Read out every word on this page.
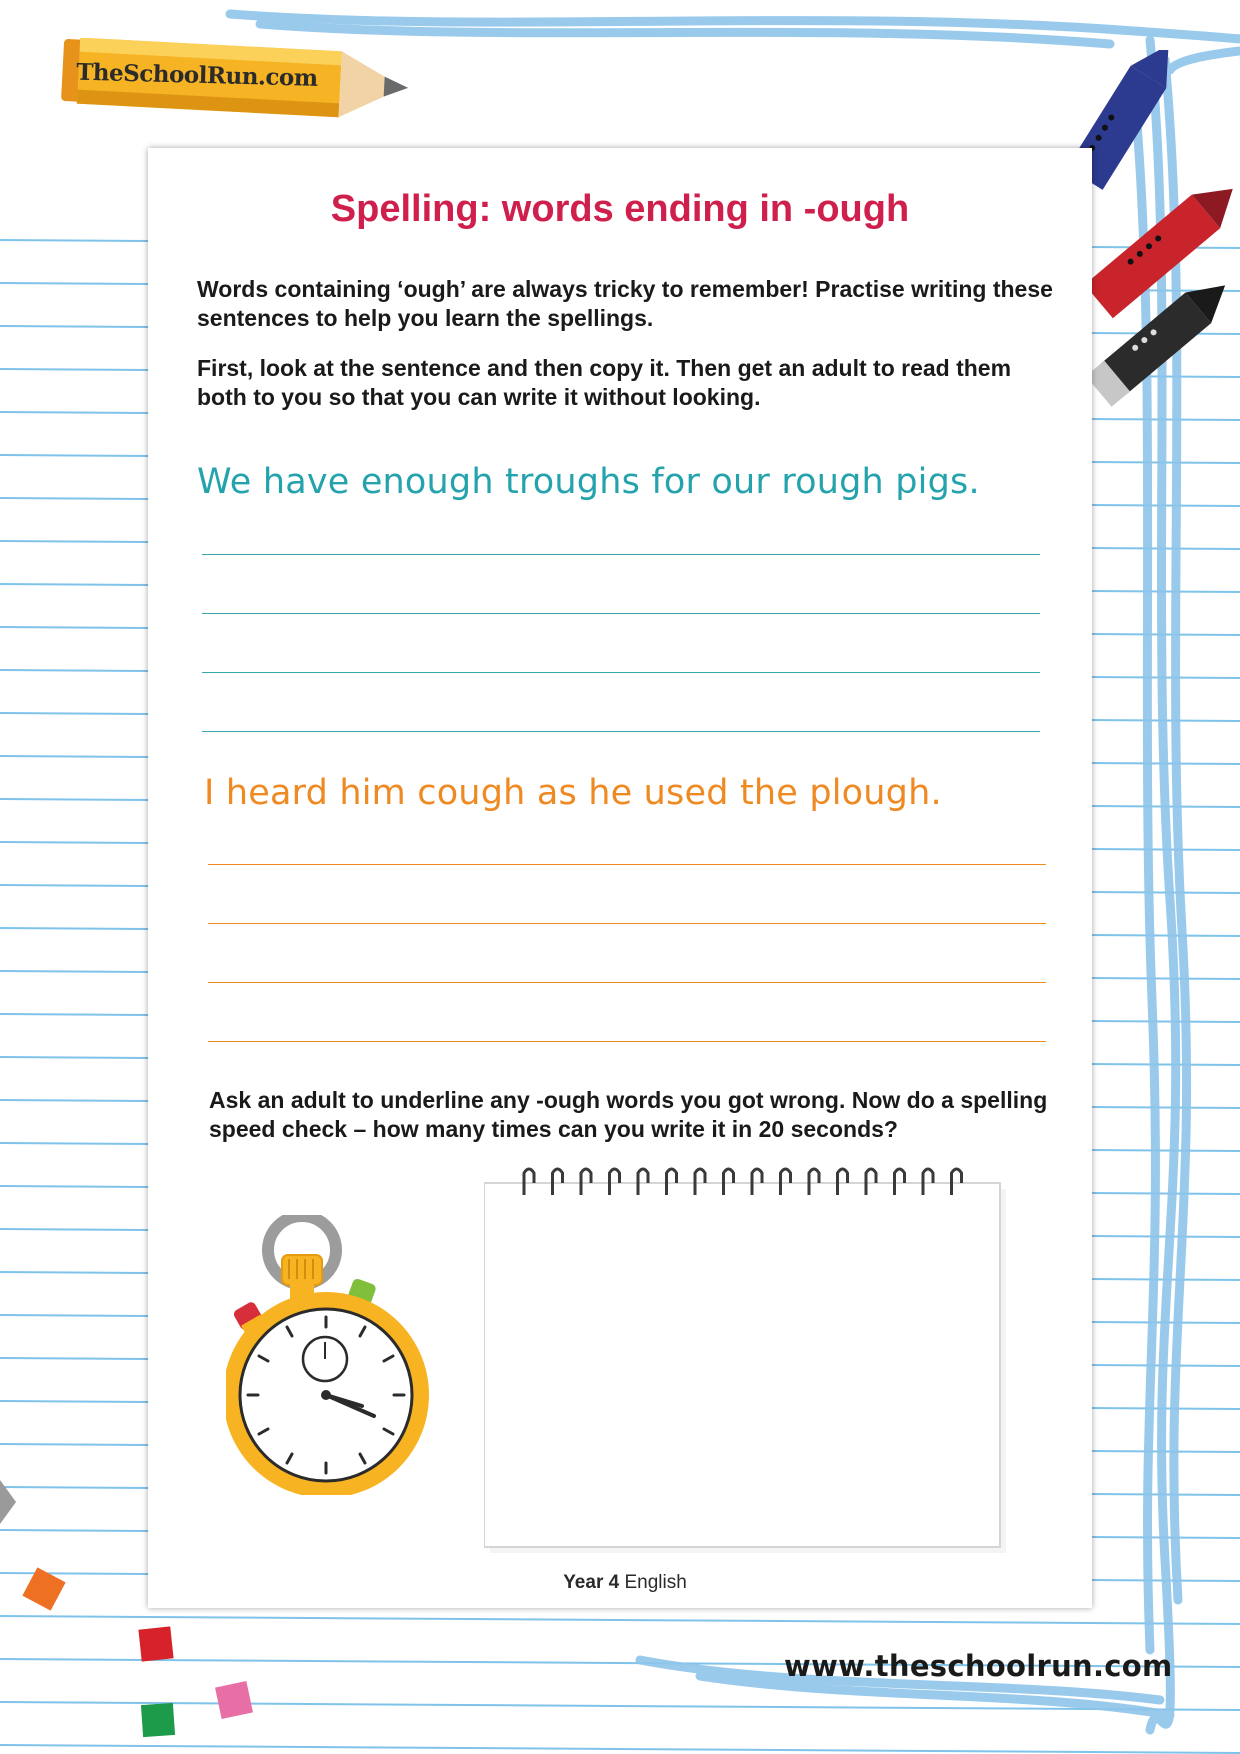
TheSchoolRun.com
Spelling: words ending in -ough

Words containing ‘ough’ are always tricky to remember! Practise writing these sentences to help you learn the spellings.

First, look at the sentence and then copy it. Then get an adult to read them both to you so that you can write it without looking.

We have enough troughs for our rough pigs.

I heard him cough as he used the plough.

Ask an adult to underline any -ough words you got wrong. Now do a spelling speed check – how many times can you write it in 20 seconds?

Year 4 English
www.theschoolrun.com
